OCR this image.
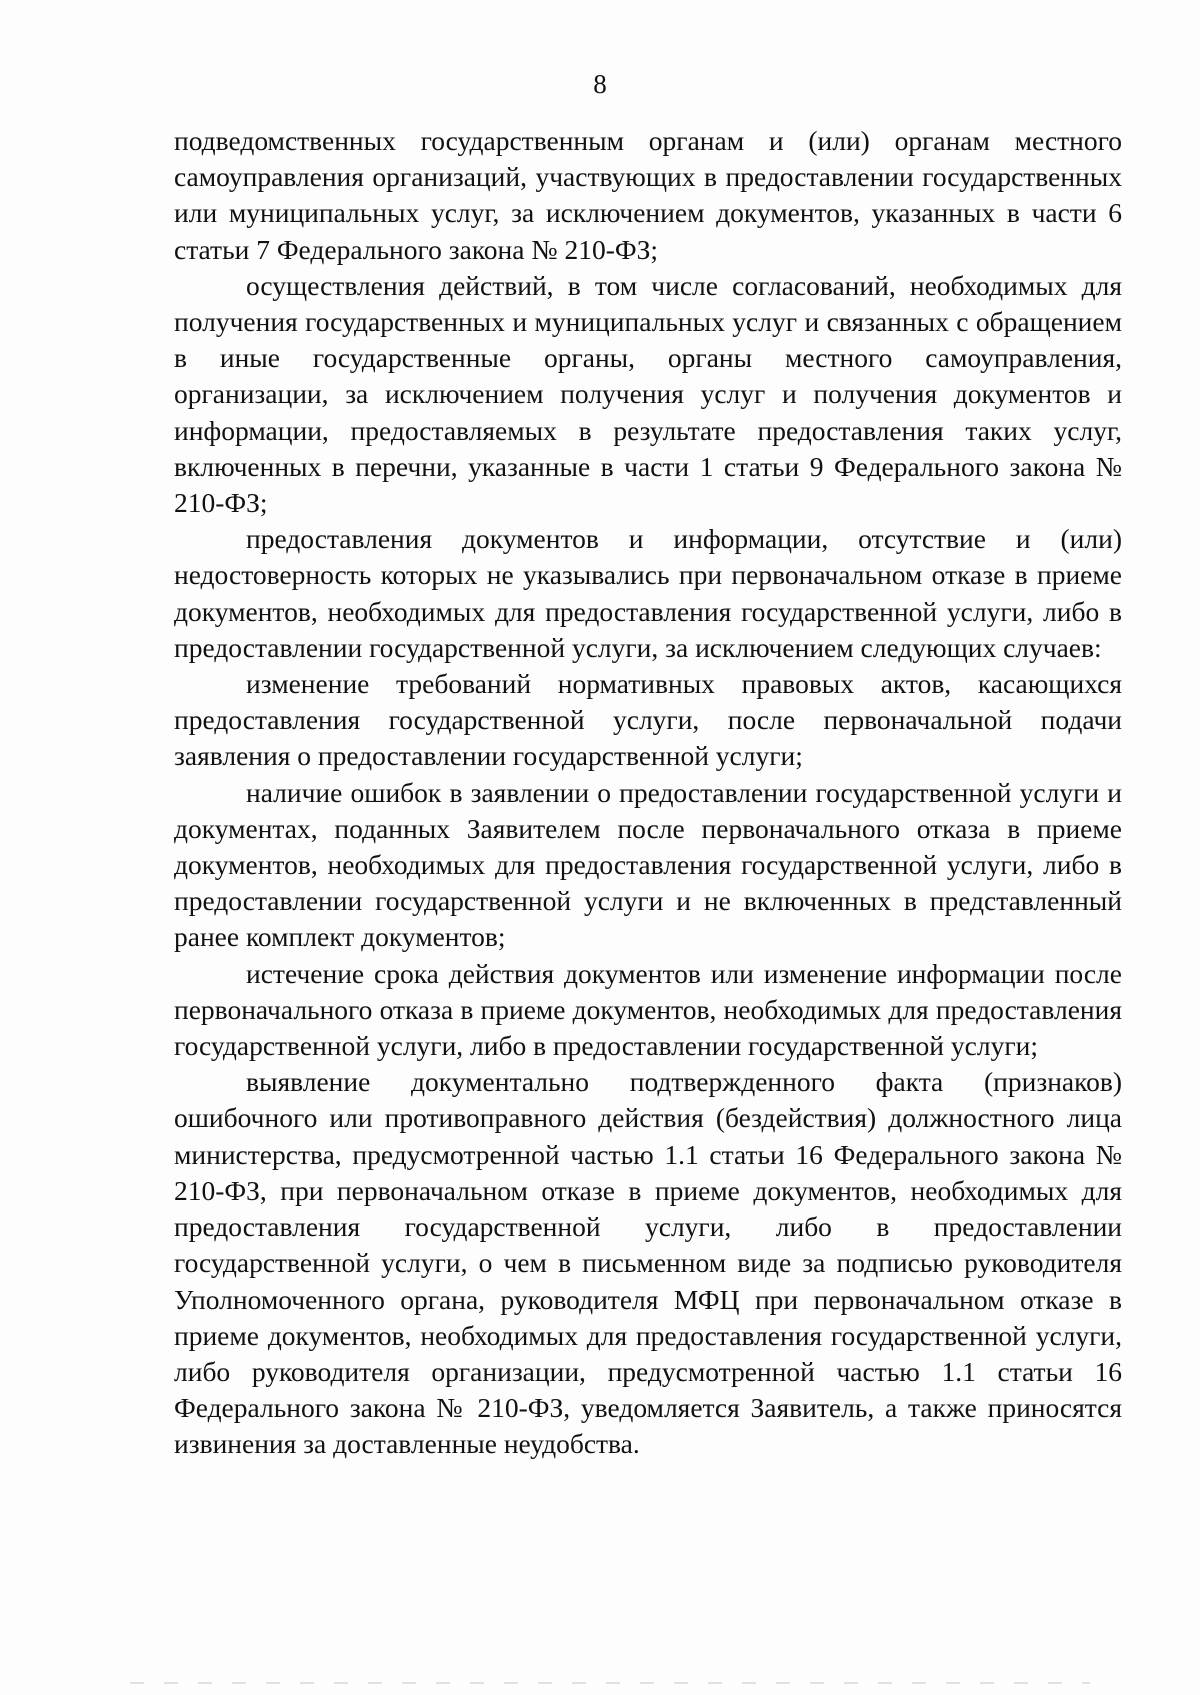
8

подведомственных государственным органам и (или) органам местного самоуправления организаций, участвующих в предоставлении государственных или муниципальных услуг, за исключением документов, указанных в части 6 статьи 7 Федерального закона № 210-ФЗ;

осуществления действий, в том числе согласований, необходимых для получения государственных и муниципальных услуг и связанных с обращением в иные государственные органы, органы местного самоуправления, организации, за исключением получения услуг и получения документов и информации, предоставляемых в результате предоставления таких услуг, включенных в перечни, указанные в части 1 статьи 9 Федерального закона № 210-ФЗ;

предоставления документов и информации, отсутствие и (или) недостоверность которых не указывались при первоначальном отказе в приеме документов, необходимых для предоставления государственной услуги, либо в предоставлении государственной услуги, за исключением следующих случаев:

изменение требований нормативных правовых актов, касающихся предоставления государственной услуги, после первоначальной подачи заявления о предоставлении государственной услуги;

наличие ошибок в заявлении о предоставлении государственной услуги и документах, поданных Заявителем после первоначального отказа в приеме документов, необходимых для предоставления государственной услуги, либо в предоставлении государственной услуги и не включенных в представленный ранее комплект документов;

истечение срока действия документов или изменение информации после первоначального отказа в приеме документов, необходимых для предоставления государственной услуги, либо в предоставлении государственной услуги;

выявление документально подтвержденного факта (признаков) ошибочного или противоправного действия (бездействия) должностного лица министерства, предусмотренной частью 1.1 статьи 16 Федерального закона № 210-ФЗ, при первоначальном отказе в приеме документов, необходимых для предоставления государственной услуги, либо в предоставлении государственной услуги, о чем в письменном виде за подписью руководителя Уполномоченного органа, руководителя МФЦ при первоначальном отказе в приеме документов, необходимых для предоставления государственной услуги, либо руководителя организации, предусмотренной частью 1.1 статьи 16 Федерального закона № 210-ФЗ, уведомляется Заявитель, а также приносятся извинения за доставленные неудобства.
